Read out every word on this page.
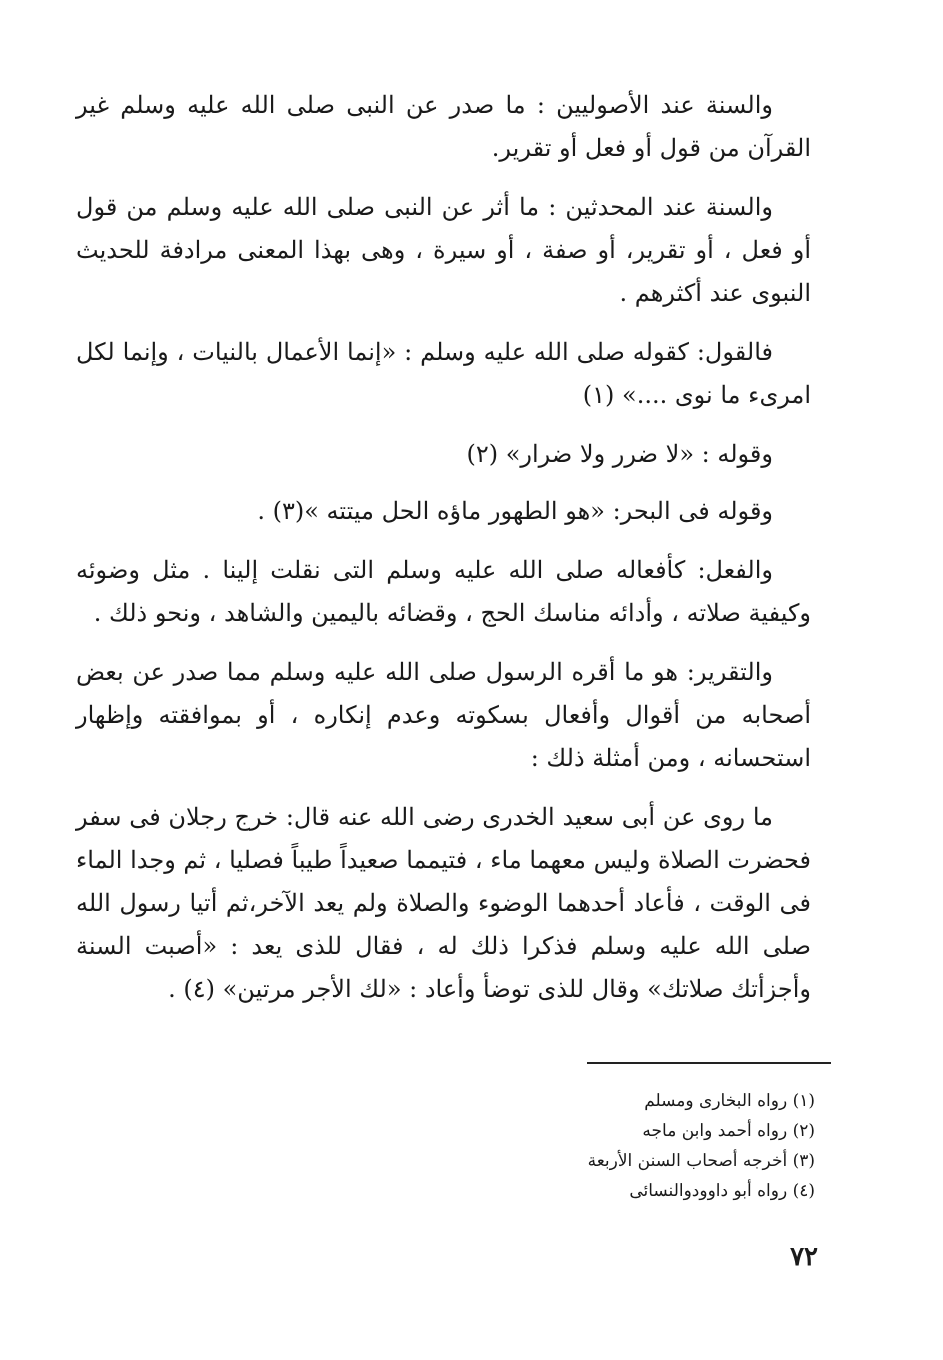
والسنة عند الأصوليين : ما صدر عن النبى صلى الله عليه وسلم غير القرآن من قول أو فعل أو تقرير.

والسنة عند المحدثين : ما أثر عن النبى صلى الله عليه وسلم من قول أو فعل ، أو تقرير، أو صفة ، أو سيرة ، وهى بهذا المعنى مرادفة للحديث النبوى عند أكثرهم .

فالقول: كقوله صلى الله عليه وسلم : «إنما الأعمال بالنيات ، وإنما لكل امرىء ما نوى ....» (١)

وقوله : «لا ضرر ولا ضرار» (٢)

وقوله فى البحر: «هو الطهور ماؤه الحل ميتته »(٣) .

والفعل: كأفعاله صلى الله عليه وسلم التى نقلت إلينا . مثل وضوئه وكيفية صلاته ، وأدائه مناسك الحج ، وقضائه باليمين والشاهد ، ونحو ذلك .

والتقرير: هو ما أقره الرسول صلى الله عليه وسلم مما صدر عن بعض أصحابه من أقوال وأفعال بسكوته وعدم إنكاره ، أو بموافقته وإظهار استحسانه ، ومن أمثلة ذلك :

ما روى عن أبى سعيد الخدرى رضى الله عنه قال: خرج رجلان فى سفر فحضرت الصلاة وليس معهما ماء ، فتيمما صعيداً طيباً فصليا ، ثم وجدا الماء فى الوقت ، فأعاد أحدهما الوضوء والصلاة ولم يعد الآخر،ثم أتيا رسول الله صلى الله عليه وسلم فذكرا ذلك له ، فقال للذى يعد : «أصبت السنة وأجزأتك صلاتك» وقال للذى توضأ وأعاد : «لك الأجر مرتين» (٤) .

(١) رواه البخارى ومسلم

(٢) رواه أحمد وابن ماجه

(٣) أخرجه أصحاب السنن الأربعة

(٤) رواه أبو داوودوالنسائى

٧٢
